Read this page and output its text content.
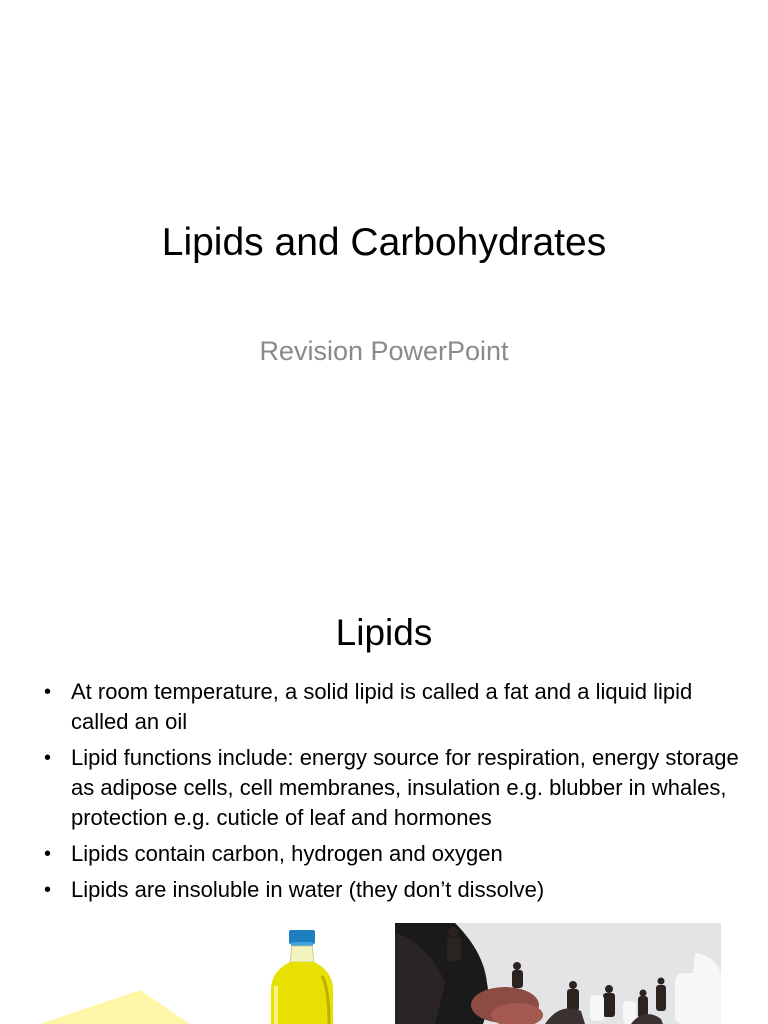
Lipids and Carbohydrates
Revision PowerPoint
Lipids
• At room temperature, a solid lipid is called a fat and a liquid lipid called an oil
• Lipid functions include: energy source for respiration, energy storage as adipose cells, cell membranes, insulation e.g. blubber in whales, protection e.g. cuticle of leaf and hormones
• Lipids contain carbon, hydrogen and oxygen
• Lipids are insoluble in water (they don’t dissolve)
